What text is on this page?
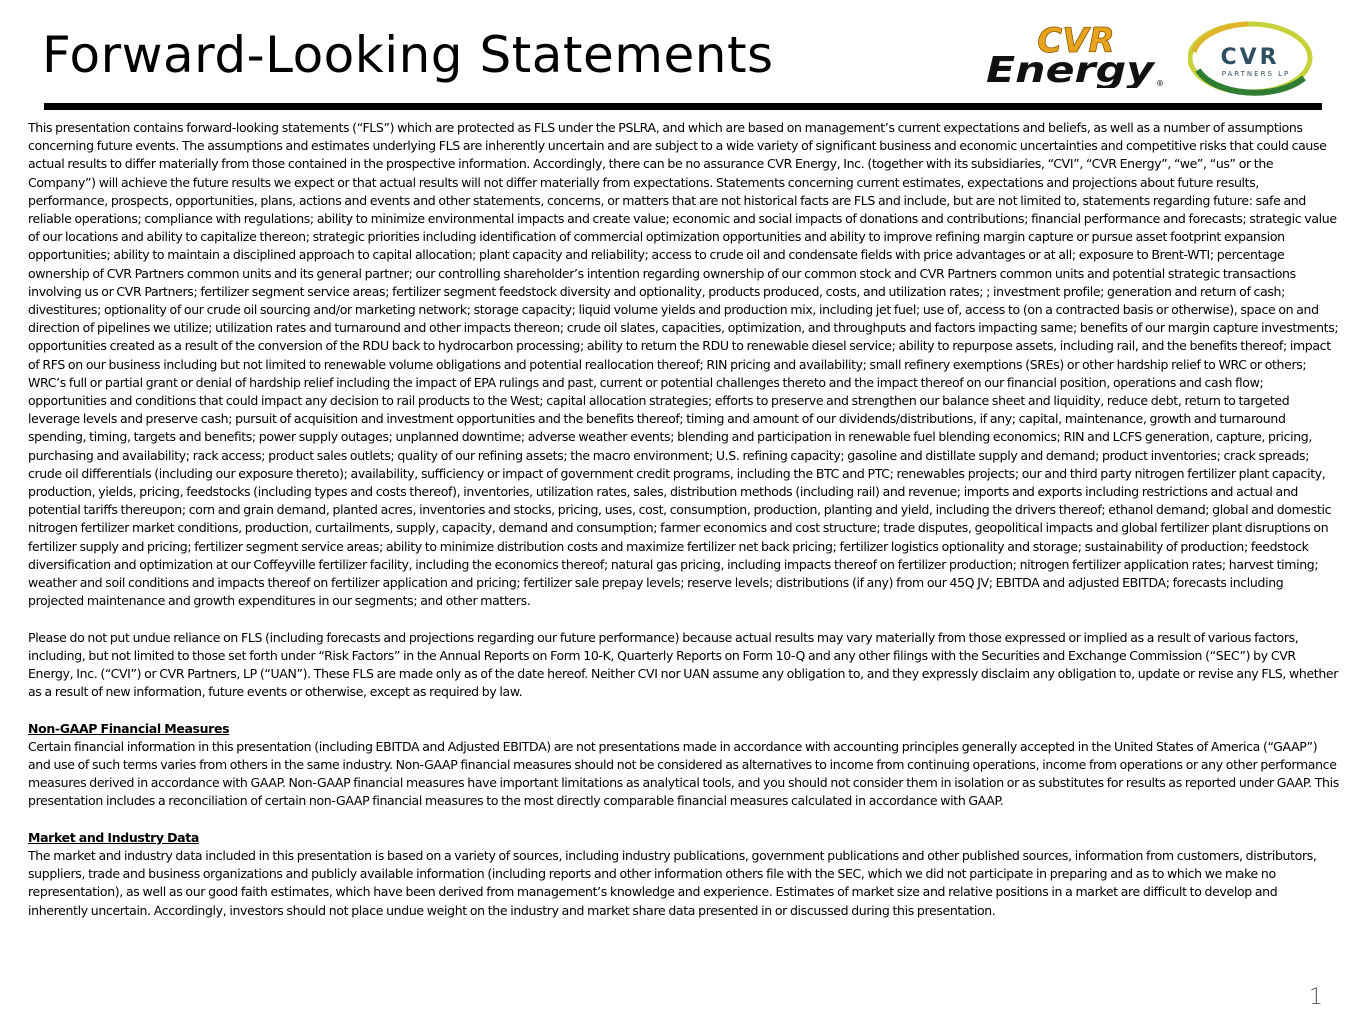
Forward-Looking Statements	CVR
Energy ®
CVR
PARTNERS LP

This presentation contains forward-looking statements (“FLS”) which are protected as FLS under the PSLRA, and which are based on management’s current expectations and beliefs, as well as a number of assumptions concerning future events. The assumptions and estimates underlying FLS are inherently uncertain and are subject to a wide variety of significant business and economic uncertainties and competitive risks that could cause actual results to differ materially from those contained in the prospective information. Accordingly, there can be no assurance CVR Energy, Inc. (together with its subsidiaries, “CVI”, “CVR Energy”, “we”, “us” or the Company”) will achieve the future results we expect or that actual results will not differ materially from expectations. Statements concerning current estimates, expectations and projections about future results, performance, prospects, opportunities, plans, actions and events and other statements, concerns, or matters that are not historical facts are FLS and include, but are not limited to, statements regarding future: safe and reliable operations; compliance with regulations; ability to minimize environmental impacts and create value; economic and social impacts of donations and contributions; financial performance and forecasts; strategic value of our locations and ability to capitalize thereon; strategic priorities including identification of commercial optimization opportunities and ability to improve refining margin capture or pursue asset footprint expansion opportunities; ability to maintain a disciplined approach to capital allocation; plant capacity and reliability; access to crude oil and condensate fields with price advantages or at all; exposure to Brent-WTI; percentage ownership of CVR Partners common units and its general partner; our controlling shareholder’s intention regarding ownership of our common stock and CVR Partners common units and potential strategic transactions involving us or CVR Partners; fertilizer segment service areas; fertilizer segment feedstock diversity and optionality, products produced, costs, and utilization rates; ; investment profile; generation and return of cash; divestitures; optionality of our crude oil sourcing and/or marketing network; storage capacity; liquid volume yields and production mix, including jet fuel; use of, access to (on a contracted basis or otherwise), space on and direction of pipelines we utilize; utilization rates and turnaround and other impacts thereon; crude oil slates, capacities, optimization, and throughputs and factors impacting same; benefits of our margin capture investments; opportunities created as a result of the conversion of the RDU back to hydrocarbon processing; ability to return the RDU to renewable diesel service; ability to repurpose assets, including rail, and the benefits thereof; impact of RFS on our business including but not limited to renewable volume obligations and potential reallocation thereof; RIN pricing and availability; small refinery exemptions (SREs) or other hardship relief to WRC or others; WRC’s full or partial grant or denial of hardship relief including the impact of EPA rulings and past, current or potential challenges thereto and the impact thereof on our financial position, operations and cash flow; opportunities and conditions that could impact any decision to rail products to the West; capital allocation strategies; efforts to preserve and strengthen our balance sheet and liquidity, reduce debt, return to targeted leverage levels and preserve cash; pursuit of acquisition and investment opportunities and the benefits thereof; timing and amount of our dividends/distributions, if any; capital, maintenance, growth and turnaround spending, timing, targets and benefits; power supply outages; unplanned downtime; adverse weather events; blending and participation in renewable fuel blending economics; RIN and LCFS generation, capture, pricing, purchasing and availability; rack access; product sales outlets; quality of our refining assets; the macro environment; U.S. refining capacity; gasoline and distillate supply and demand; product inventories; crack spreads; crude oil differentials (including our exposure thereto); availability, sufficiency or impact of government credit programs, including the BTC and PTC; renewables projects; our and third party nitrogen fertilizer plant capacity, production, yields, pricing, feedstocks (including types and costs thereof), inventories, utilization rates, sales, distribution methods (including rail) and revenue; imports and exports including restrictions and actual and potential tariffs thereupon; corn and grain demand, planted acres, inventories and stocks, pricing, uses, cost, consumption, production, planting and yield, including the drivers thereof; ethanol demand; global and domestic nitrogen fertilizer market conditions, production, curtailments, supply, capacity, demand and consumption; farmer economics and cost structure; trade disputes, geopolitical impacts and global fertilizer plant disruptions on fertilizer supply and pricing; fertilizer segment service areas; ability to minimize distribution costs and maximize fertilizer net back pricing; fertilizer logistics optionality and storage; sustainability of production; feedstock diversification and optimization at our Coffeyville fertilizer facility, including the economics thereof; natural gas pricing, including impacts thereof on fertilizer production; nitrogen fertilizer application rates; harvest timing; weather and soil conditions and impacts thereof on fertilizer application and pricing; fertilizer sale prepay levels; reserve levels; distributions (if any) from our 45Q JV; EBITDA and adjusted EBITDA; forecasts including projected maintenance and growth expenditures in our segments; and other matters.

Please do not put undue reliance on FLS (including forecasts and projections regarding our future performance) because actual results may vary materially from those expressed or implied as a result of various factors, including, but not limited to those set forth under “Risk Factors” in the Annual Reports on Form 10-K, Quarterly Reports on Form 10-Q and any other filings with the Securities and Exchange Commission (“SEC”) by CVR Energy, Inc. (“CVI”) or CVR Partners, LP (“UAN”). These FLS are made only as of the date hereof. Neither CVI nor UAN assume any obligation to, and they expressly disclaim any obligation to, update or revise any FLS, whether as a result of new information, future events or otherwise, except as required by law.

Non-GAAP Financial Measures
Certain financial information in this presentation (including EBITDA and Adjusted EBITDA) are not presentations made in accordance with accounting principles generally accepted in the United States of America (“GAAP”) and use of such terms varies from others in the same industry. Non-GAAP financial measures should not be considered as alternatives to income from continuing operations, income from operations or any other performance measures derived in accordance with GAAP. Non-GAAP financial measures have important limitations as analytical tools, and you should not consider them in isolation or as substitutes for results as reported under GAAP. This presentation includes a reconciliation of certain non-GAAP financial measures to the most directly comparable financial measures calculated in accordance with GAAP.

Market and Industry Data
The market and industry data included in this presentation is based on a variety of sources, including industry publications, government publications and other published sources, information from customers, distributors, suppliers, trade and business organizations and publicly available information (including reports and other information others file with the SEC, which we did not participate in preparing and as to which we make no representation), as well as our good faith estimates, which have been derived from management’s knowledge and experience. Estimates of market size and relative positions in a market are difficult to develop and inherently uncertain. Accordingly, investors should not place undue weight on the industry and market share data presented in or discussed during this presentation.

1
